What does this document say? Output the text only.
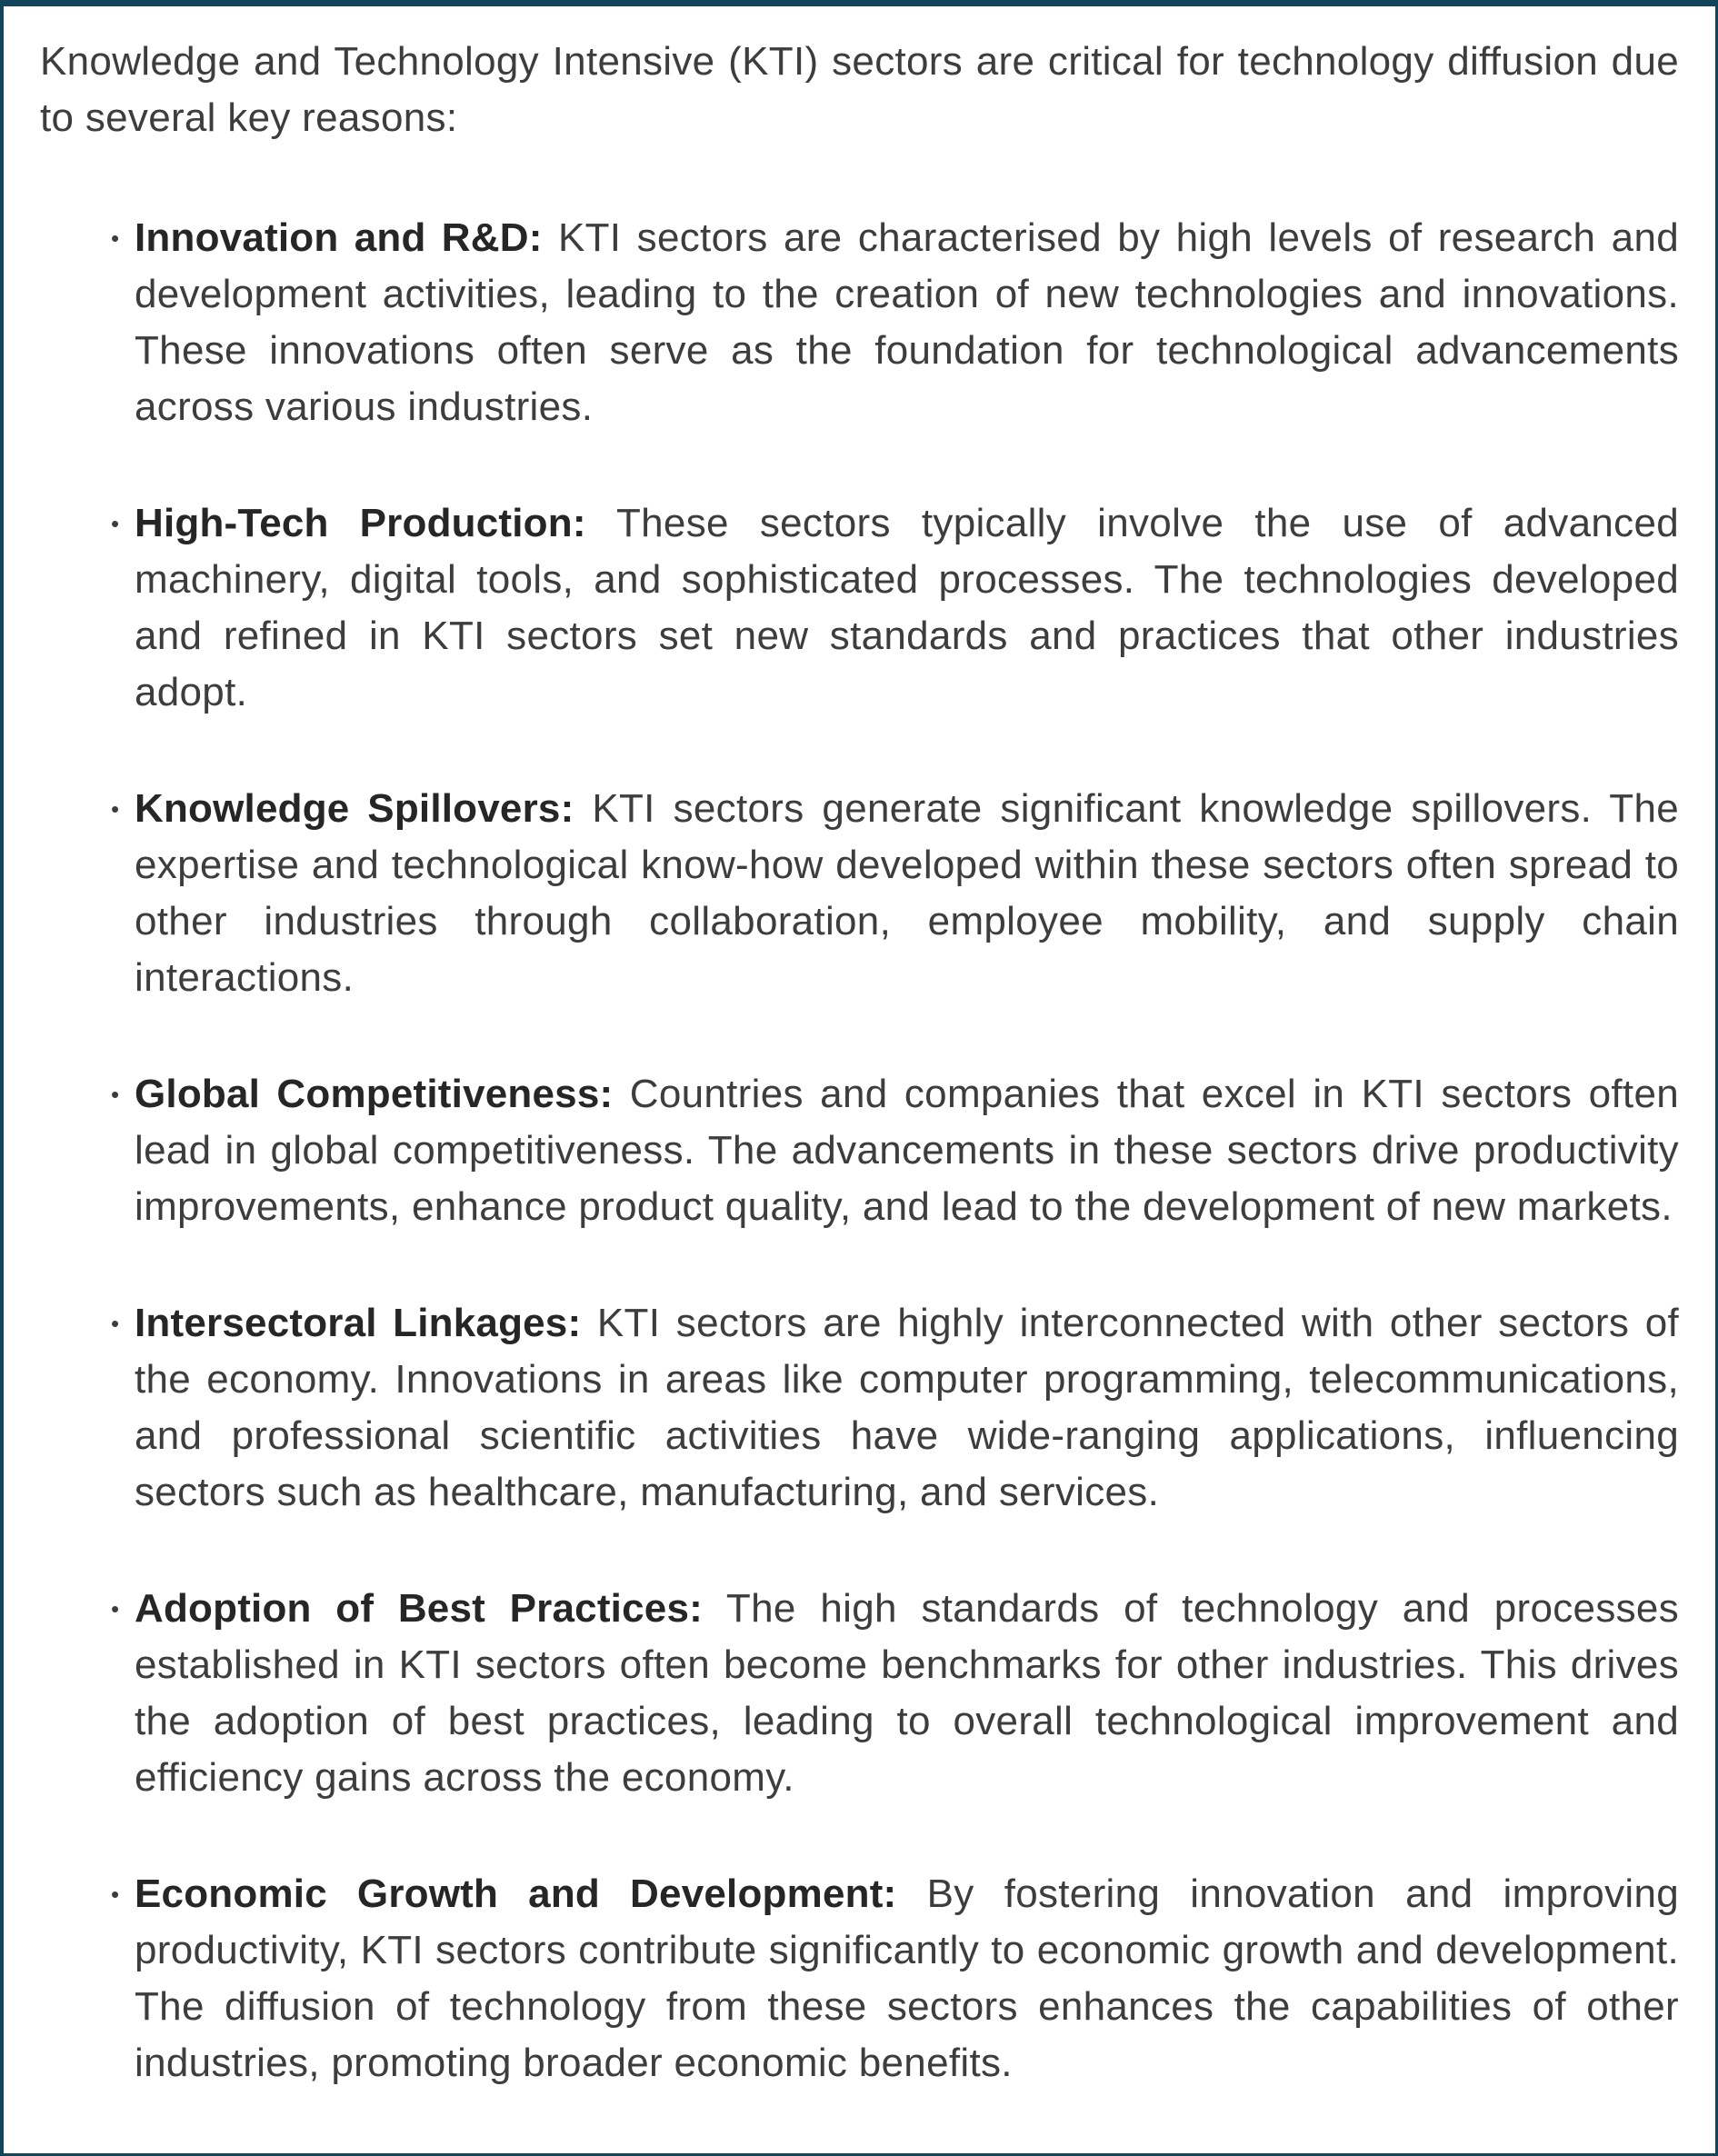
Knowledge and Technology Intensive (KTI) sectors are critical for technology diffusion due to several key reasons:

• Innovation and R&D: KTI sectors are characterised by high levels of research and development activities, leading to the creation of new technologies and innovations. These innovations often serve as the foundation for technological advancements across various industries.
• High-Tech Production: These sectors typically involve the use of advanced machinery, digital tools, and sophisticated processes. The technologies developed and refined in KTI sectors set new standards and practices that other industries adopt.
• Knowledge Spillovers: KTI sectors generate significant knowledge spillovers. The expertise and technological know-how developed within these sectors often spread to other industries through collaboration, employee mobility, and supply chain interactions.
• Global Competitiveness: Countries and companies that excel in KTI sectors often lead in global competitiveness. The advancements in these sectors drive productivity improvements, enhance product quality, and lead to the development of new markets.
• Intersectoral Linkages: KTI sectors are highly interconnected with other sectors of the economy. Innovations in areas like computer programming, telecommunications, and professional scientific activities have wide-ranging applications, influencing sectors such as healthcare, manufacturing, and services.
• Adoption of Best Practices: The high standards of technology and processes established in KTI sectors often become benchmarks for other industries. This drives the adoption of best practices, leading to overall technological improvement and efficiency gains across the economy.
• Economic Growth and Development: By fostering innovation and improving productivity, KTI sectors contribute significantly to economic growth and development. The diffusion of technology from these sectors enhances the capabilities of other industries, promoting broader economic benefits.
